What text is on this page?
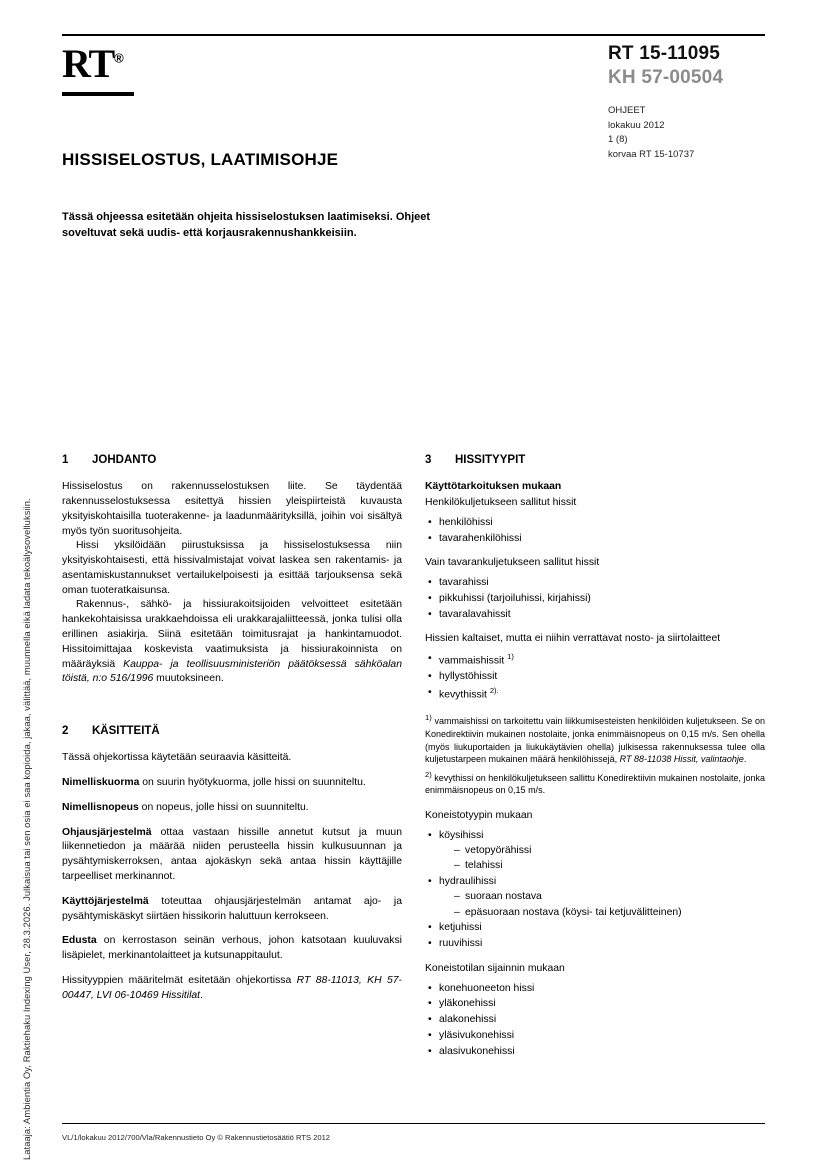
Lataaja: Ambientia Oy, Raktiehaku Indexing User, 28.3.2026. Julkaisua tai sen osia ei saa kopioida, jakaa, välittää, muunnella eikä ladata tekoälysovelluksiin.
RT®	RT 15-11095
KH 57-00504
OHJEET
lokakuu 2012
1 (8)
korvaa RT 15-10737
HISSISELOSTUS, LAATIMISOHJE
Tässä ohjeessa esitetään ohjeita hissiselostuksen laatimiseksi. Ohjeet soveltuvat sekä uudis- että korjausrakennushankkeisiin.
1	JOHDANTO

Hissiselostus on rakennusselostuksen liite. Se täydentää rakennusselostuksessa esitettyä hissien yleispiirteistä kuvausta yksityiskohtaisilla tuoterakenne- ja laadunmäärityksillä, joihin voi sisältyä myös työn suoritusohjeita.

Hissi yksilöidään piirustuksissa ja hissiselostuksessa niin yksityiskohtaisesti, että hissivalmistajat voivat laskea sen rakentamis- ja asentamiskustannukset vertailukelpoisesti ja esittää tarjouksensa sekä oman tuoteratkaisunsa.

Rakennus-, sähkö- ja hissiurakoitsijoiden velvoitteet esitetään hankekohtaisissa urakkaehdoissa eli urakkarajaliitteessä, jonka tulisi olla erillinen asiakirja. Siinä esitetään toimitusrajat ja hankintamuodot. Hissitoimittajaa koskevista vaatimuksista ja hissiurakoinnista on määräyksiä Kauppa- ja teollisuusministeriön päätöksessä sähköalan töistä, n:o 516/1996 muutoksineen.

2	KÄSITTEITÄ

Tässä ohjekortissa käytetään seuraavia käsitteitä.

Nimelliskuorma on suurin hyötykuorma, jolle hissi on suunniteltu.

Nimellisnopeus on nopeus, jolle hissi on suunniteltu.

Ohjausjärjestelmä ottaa vastaan hissille annetut kutsut ja muun liikennetiedon ja määrää niiden perusteella hissin kulkusuunnan ja pysähtymiskerroksen, antaa ajokäskyn sekä antaa hissin käyttäjille tarpeelliset merkinannot.

Käyttöjärjestelmä toteuttaa ohjausjärjestelmän antamat ajo- ja pysähtymiskäskyt siirtäen hissikorin haluttuun kerrokseen.

Edusta on kerrostason seinän verhous, johon katsotaan kuuluvaksi lisäpielet, merkinantolaitteet ja kutsunappitaulut.

Hissityyppien määritelmät esitetään ohjekortissa RT 88-11013, KH 57-00447, LVI 06-10469 Hissitilat.

3	HISSITYYPIT

Käyttötarkoituksen mukaan

Henkilökuljetukseen sallitut hissit

• henkilöhissi
• tavarahenkilöhissi

Vain tavarankuljetukseen sallitut hissit

• tavarahissi
• pikkuhissi (tarjoiluhissi, kirjahissi)
• tavaralavahissit

Hissien kaltaiset, mutta ei niihin verrattavat nosto- ja siirtolaitteet

• vammaishissit $^{1)}$
• hyllystöhissit
• kevythissit $^{2).}$

$^{1)}$ vammaishissi on tarkoitettu vain liikkumisesteisten henkilöiden kuljetukseen. Se on Konedirektiivin mukainen nostolaite, jonka enimmäisnopeus on 0,15 m/s. Sen ohella (myös liukuportaiden ja liukukäytävien ohella) julkisessa rakennuksessa tulee olla kuljetustarpeen mukainen määrä henkilöhissejä, RT 88-11038 Hissit, valintaohje.

$^{2)}$ kevythissi on henkilökuljetukseen sallittu Konedirektiivin mukainen nostolaite, jonka enimmäisnopeus on 0,15 m/s.

Koneistotyypin mukaan

• köysihissi
– vetopyörähissi
– telahissi
• hydraulihissi
– suoraan nostava
– epäsuoraan nostava (köysi- tai ketjuvälitteinen)
• ketjuhissi
• ruuvihissi

Koneistotilan sijainnin mukaan

• konehuoneeton hissi
• yläkonehissi
• alakonehissi
• yläsivukonehissi
• alasivukonehissi
VL/1/lokakuu 2012/700/Vla/Rakennustieto Oy © Rakennustietosäätiö RTS 2012
